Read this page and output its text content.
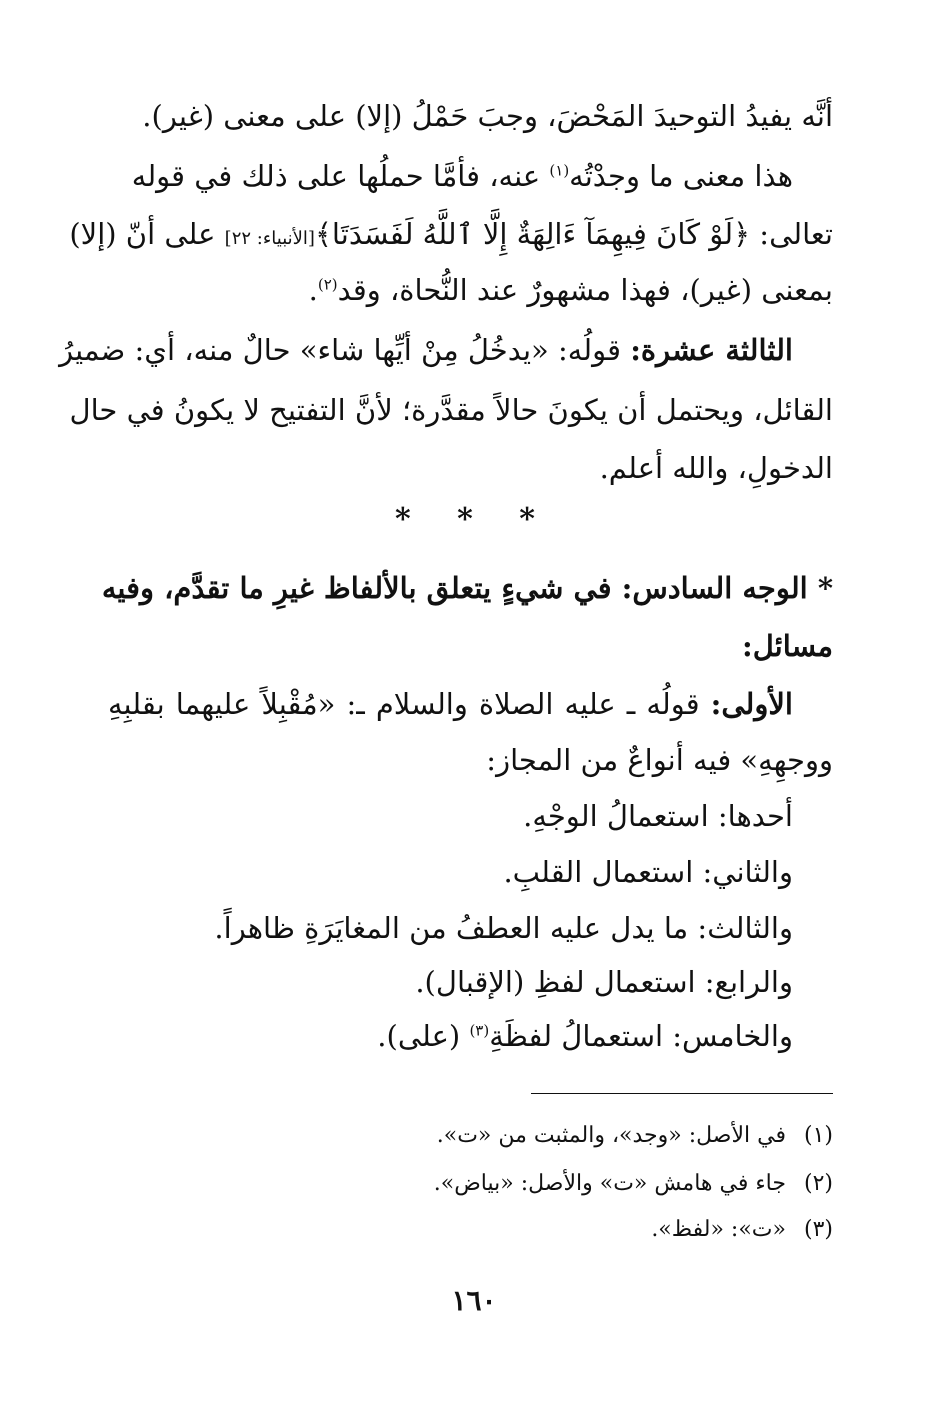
أنَّه يفيدُ التوحيدَ المَحْضَ، وجبَ حَمْلُ (إلا) على معنى (غير).
هذا معنى ما وجدْتُه$^{(١)}$ عنه، فأمَّا حملُها على ذلك في قوله
تعالى: ﴿لَوْ كَانَ فِيهِمَآ ءَالِهَةٌ إِلَّا ٱللَّهُ لَفَسَدَتَا﴾[الأنبياء: ٢٢] على أنّ (إلا)
بمعنى (غير)، فهذا مشهورٌ عند النُّحاة، وقد$^{(٢)}$.
الثالثة عشرة: قولُه: «يدخُلُ مِنْ أيِّها شاء» حالٌ منه، أي: ضميرُ
القائل، ويحتمل أن يكونَ حالاً مقدَّرة؛ لأنَّ التفتيح لا يكونُ في حال
الدخولِ، والله أعلم.
* * *
* الوجه السادس: في شيءٍ يتعلق بالألفاظ غيرِ ما تقدَّم، وفيه
مسائل:
الأولى: قولُه ـ عليه الصلاة والسلام ـ: «مُقْبِلاً عليهما بقلبِهِ
ووجهِهِ» فيه أنواعٌ من المجاز:
أحدها: استعمالُ الوجْهِ.
والثاني: استعمال القلبِ.
والثالث: ما يدل عليه العطفُ من المغايَرَةِ ظاهراً.
والرابع: استعمال لفظِ (الإقبال).
والخامس: استعمالُ لفظَةِ$^{(٣)}$ (على).
(١)في الأصل: «وجد»، والمثبت من «ت».
(٢)جاء في هامش «ت» والأصل: «بياض».
(٣)«ت»: «لفظ».
١٦٠
